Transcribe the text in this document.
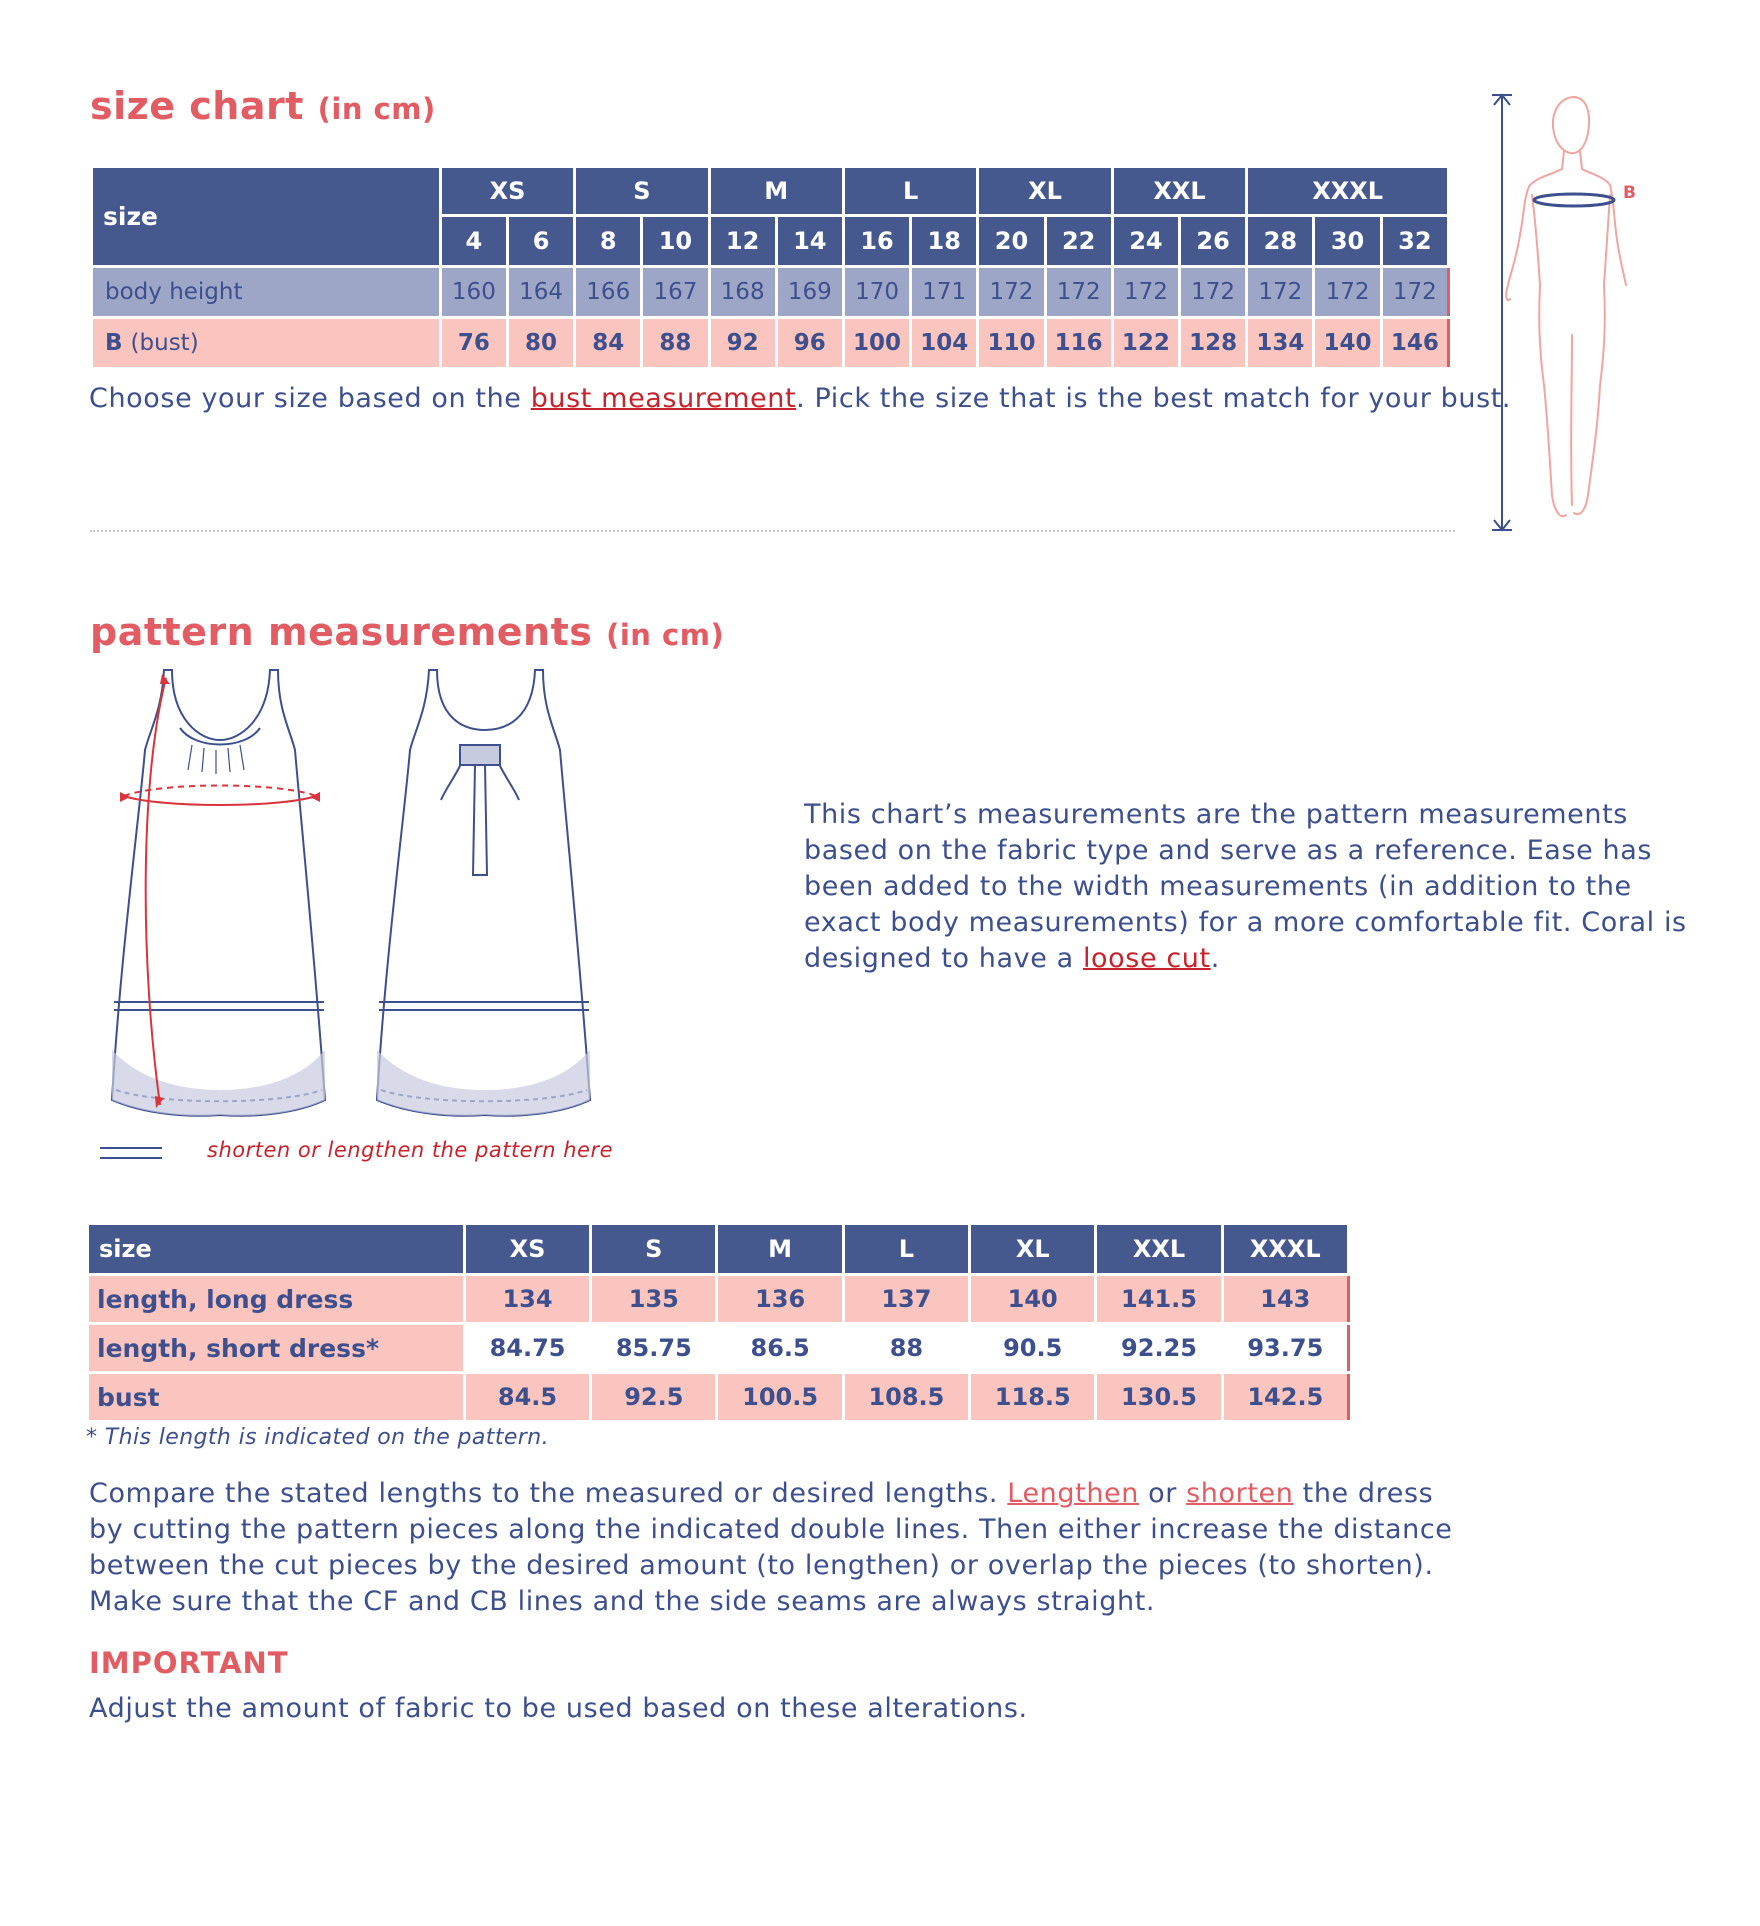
size chart (in cm)
size	XS		S		M		L		XL		XXL		XXXL		
	4	6	8	10	12	14	16	18	20	22	24	26	28	30	32
body height	160	164	166	167	168	169	170	171	172	172	172	172	172	172	172
B (bust)	76	80	84	88	92	96	100	104	110	116	122	128	134	140	146
Choose your size based on the bust measurement. Pick the size that is the best match for your bust.
B
pattern measurements (in cm)
shorten or lengthen the pattern here
This chart’s measurements are the pattern measurements
based on the fabric type and serve as a reference. Ease has
been added to the width measurements (in addition to the
exact body measurements) for a more comfortable fit. Coral is
designed to have a loose cut.
size	XS	S	M	L	XL	XXL	XXXL
length, long dress	134	135	136	137	140	141.5	143
length, short dress*	84.75	85.75	86.5	88	90.5	92.25	93.75
bust	84.5	92.5	100.5	108.5	118.5	130.5	142.5
* This length is indicated on the pattern.
Compare the stated lengths to the measured or desired lengths. Lengthen or shorten the dress
by cutting the pattern pieces along the indicated double lines. Then either increase the distance
between the cut pieces by the desired amount (to lengthen) or overlap the pieces (to shorten).
Make sure that the CF and CB lines and the side seams are always straight.
IMPORTANT
Adjust the amount of fabric to be used based on these alterations.
